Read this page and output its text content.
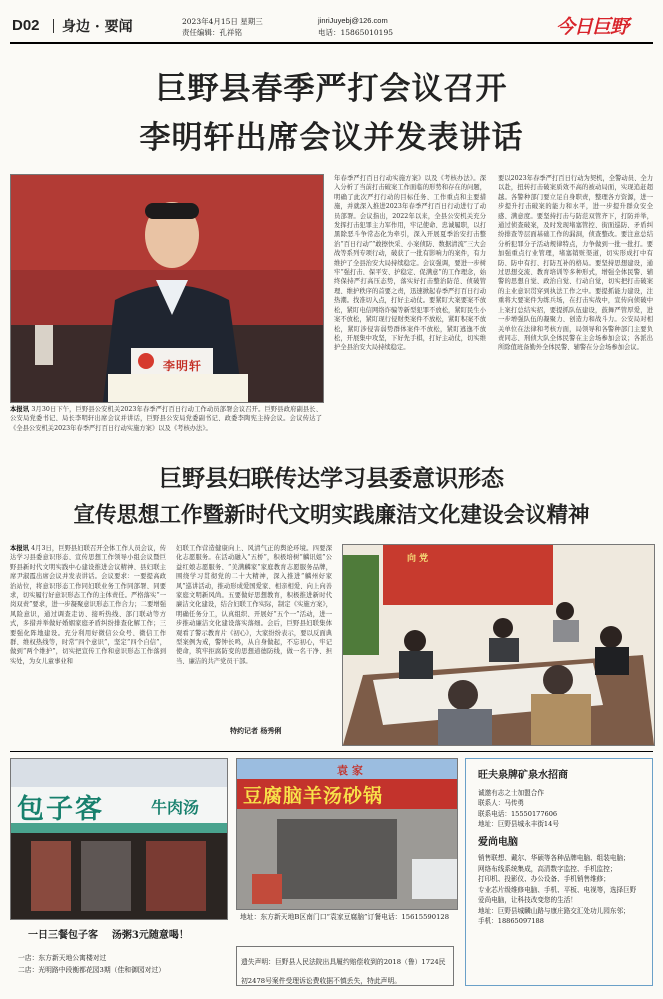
D02 身边 · 要闻	2023年4月15日 星期三
责任编辑：孔祥铭
jinriJuyebj@126.com
电话：15865010195	今日巨野
巨野县春季严打会议召开
李明轩出席会议并发表讲话
李明轩
本报讯 3月30日下午，巨野县公安机关2023年春季严打百日行动工作动员部署会议召开。巨野县政府副县长、公安局党委书记、局长李明轩出席会议并讲话，巨野县公安局党委副书记、政委李陶宪主持会议。会议传达了《全县公安机关2023年春季严打百日行动实施方案》以及《考核办法》。
年春季严打百日行动实施方案》以及《考核办法》。深入分析了当前打击破案工作面临的形势和存在的问题，明确了此次严打行动的目标任务、工作重点和主要措施，并就深入推进2023年春季严打百日行动进行了动员部署。会议指出，2022年以来，全县公安机关充分发挥打击犯罪主力军作用，牢记使命、忠诚履职，以打黑除恶斗争常态化为牵引，深入开展夏季治安打击整治“百日行动”“敢擦快采、小案侦防、数据清流”三大会战等系列专项行动，破获了一批有影响力的案件，有力维护了全县治安大局持续稳定。会议强调，要进一步树牢“强打击、保平安、护稳定、促满意”的工作理念，始终保持严打高压态势，落实好打击整治防范、侦破管理、维护秩序的首要之责，迅速掀起春季严打百日行动热潮。找准切入点，打好主动仗。要紧盯大案要案不放松，紧盯电信网络诈骗等新型犯罪不放松，紧盯民生小案不放松，紧盯现行侵财类案件不放松，紧盯积案不放松，紧盯涉侵害弱势群体案件不放松，紧盯逃逸不放松，开展集中攻坚，下好先手棋，打好主动仗，切实维护全县治安大局持续稳定。
要以2023年春季严打百日行动为契机，全警动员、全力以赴，扭转打击破案质效不高的被动局面，实现追赶超越。各警种部门要立足自身职责，整理各方资源，进一步提升打击破案的能力和水平，进一步提升群众安全感、满意度。要坚持打击与防范双管齐下，打防并举，通过侦查破案，及时发现堵塞管控、街面巡防、矛盾纠纷排查等层面基础工作的漏洞，侦查整改。要注意总结分析犯罪分子活动规律特点，力争做到一批一批打。要加强重点行业管理，堵塞销赃渠道，切实形成打中有防、防中有打、打防互补的格局。要坚持思想建设，通过思想交流、教育培训等多种形式，增强全体民警、辅警的思想自觉、政治自觉、行动自觉，切实把打击破案的主业意识贯穿到执法工作之中。要提抓能力建设，注重将大要案件为练兵场，在打击实战中，宣传向侦破中上案打总结实招，要提抓队伍建设，鼓舞严管厚爱，进一步增强队伍的凝聚力、创造力和战斗力。公安局对相关单位在法律和考核方面，局领导和各警种部门主要负责同志、刑侦大队全体民警在主会场参加会议；各派出所除值班备勤外全体民警、辅警在分会场参加会议。
巨野县妇联传达学习县委意识形态
宣传思想工作暨新时代文明实践廉洁文化建设会议精神
本报讯 4月3日，巨野县妇联召开全体工作人员会议，传达学习县委意识形态、宣传思想工作领导小组会议暨巨野县新时代文明实践中心建设推进会议精神、县妇联主席尹淑霞出席会议并发表讲话。会议要求：一要提高政治站位，将意识形态工作同妇联业务工作同部署、同要求，切实履行好意识形态工作的主体责任。严格落实“一岗双责”要求，进一步凝聚意识形态工作合力；二要增强风险意识，通过调查走访、接听热线、部门联动等方式，多措并举做好婚姻家庭矛盾纠纷排查化解工作；三要强化阵地建设。充分利用好微信公众号、微信工作群、维权热线等，时常“四个意识”，坚定“四个自信”，做到“两个维护”，切实把宣传工作和意识形态工作落到实处，为女儿童事业和
妇联工作营造健康向上、风清气正的舆论环境。四要深化志愿服务。在活动融入“五桥”，积极培树“麟讯姐”公益红娘志愿服务、“美满麟家”家庭教育志愿服务品牌，围绕学习贯彻党的二十大精神，深入推进“麟州好家风”巡讲活动，推动形成爱国爱家、相亲相爱、向上向善家庭文明新风尚。五要做好思想教育，积极推进新时代廉洁文化建设，结合妇联工作实际，制定《实施方案》，明确任务分工，认真组织、开展好“五个一”活动，进一步推动廉洁文化建设落实落细。会后，巨野县妇联集体观看了警示教育片《初心》，大家纷纷表示，要以反面典型案例为戒，警钟长鸣，从自身做起，不忘初心，牢记使命，筑牢拒腐防变的思想道德防线，做一名干净、担当、廉洁的共产党员干部。
特约记者 杨秀俐
向 党
包子客	牛肉汤
一日三餐包子客    汤粥3元随意喝！
一店：东方新天地公寓楼对过
二店：光明路中段衡都花园3期（佳和御园对过）
袁 家
豆腐脑羊汤砂锅
地址：东方新天地B区南门口“袁家豆腐脑”订餐电话：15615590128
遗失声明：巨野县人民法院出具履约赔偿收到的2018（鲁）1724民初2478号案件受理诉讼费收据不慎丢失，特此声明。
旺夫泉牌矿泉水招商
诚邀有志之士加盟合作
联系人：马传勇
联系电话：15550177606
地址：巨野县城永丰街14号
爱尚电脑
销售联想、戴尔、华硕等各种品牌电脑、组装电脑；
网络布线系统集成，高清数字监控、手机监控；
打印机、投影仪、办公设备、手机销售维修；
专业芯片级维修电脑、手机、平板、电视等，选择巨野爱尚电脑，让科技改变您的生活！
地址：巨野县城麟山路与康庄路交汇处功儿园东邻；
手机：18865097188
